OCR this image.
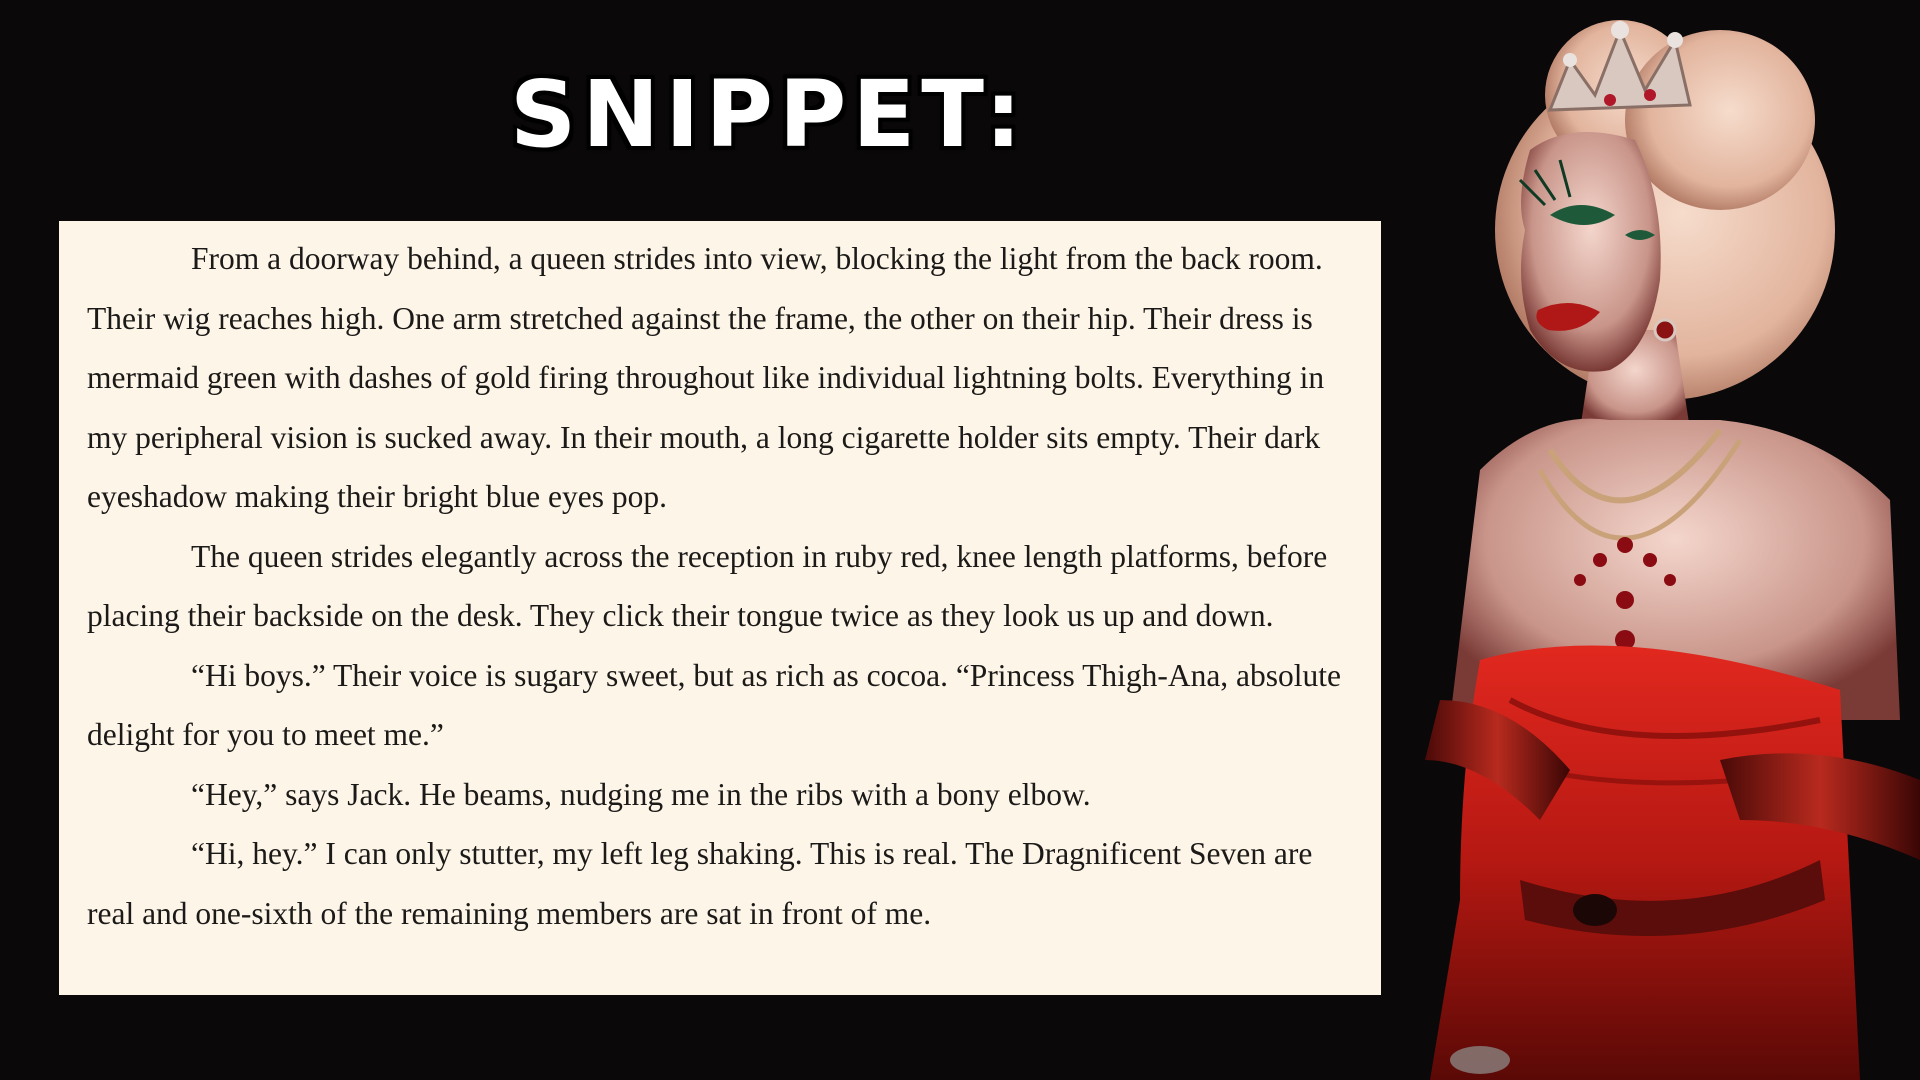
SNIPPET:

From a doorway behind, a queen strides into view, blocking the light from the back room. Their wig reaches high. One arm stretched against the frame, the other on their hip. Their dress is mermaid green with dashes of gold firing throughout like individual lightning bolts. Everything in my peripheral vision is sucked away. In their mouth, a long cigarette holder sits empty. Their dark eyeshadow making their bright blue eyes pop.

The queen strides elegantly across the reception in ruby red, knee length platforms, before placing their backside on the desk. They click their tongue twice as they look us up and down.

“Hi boys.” Their voice is sugary sweet, but as rich as cocoa. “Princess Thigh-Ana, absolute delight for you to meet me.”

“Hey,” says Jack. He beams, nudging me in the ribs with a bony elbow.

“Hi, hey.” I can only stutter, my left leg shaking. This is real. The Dragnificent Seven are real and one-sixth of the remaining members are sat in front of me.
